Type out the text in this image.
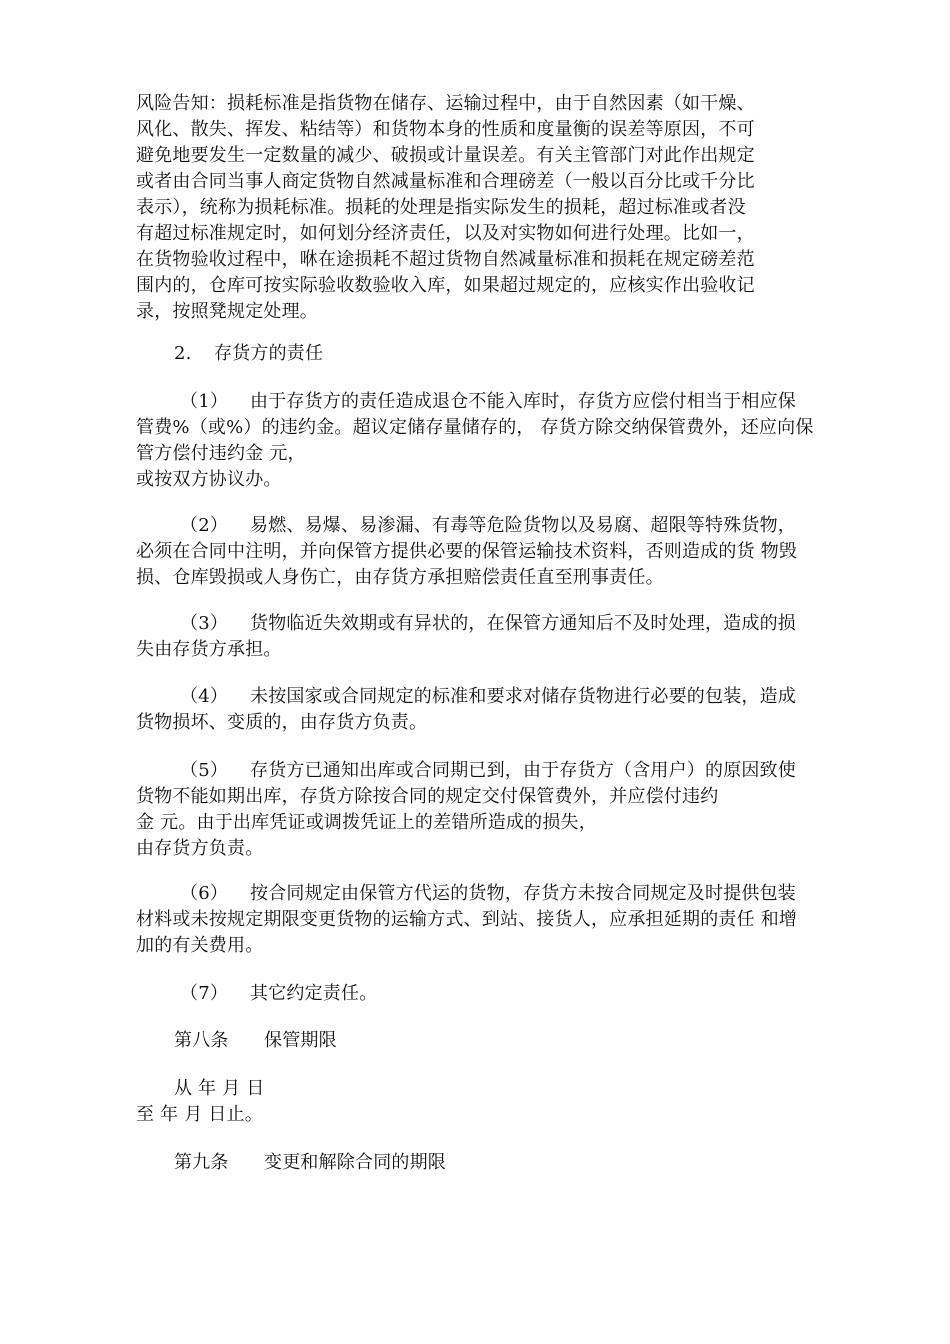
风险告知：损耗标准是指货物在储存、运输过程中，由于自然因素（如干燥、
风化、散失、挥发、粘结等）和货物本身的性质和度量衡的误差等原因，不可
避免地要发生一定数量的减少、破损或计量误差。有关主管部门对此作出规定
或者由合同当事人商定货物自然减量标准和合理磅差（一般以百分比或千分比
表示），统称为损耗标准。损耗的处理是指实际发生的损耗，超过标准或者没
有超过标准规定时，如何划分经济责任，以及对实物如何进行处理。比如一，
在货物验收过程中，咻在途损耗不超过货物自然减量标准和损耗在规定磅差范
围内的，仓库可按实际验收数验收入库，如果超过规定的，应核实作出验收记
录，按照凳规定处理。
2. 存货方的责任
（1） 由于存货方的责任造成退仓不能入库时，存货方应偿付相当于相应保
管费%（或%）的违约金。超议定储存量储存的， 存货方除交纳保管费外，还应向保
管方偿付违约金 元，
或按双方协议办。
（2） 易燃、易爆、易渗漏、有毒等危险货物以及易腐、超限等特殊货物，
必须在合同中注明，并向保管方提供必要的保管运输技术资料，否则造成的货 物毁
损、仓库毁损或人身伤亡，由存货方承担赔偿责任直至刑事责任。
（3） 货物临近失效期或有异状的，在保管方通知后不及时处理，造成的损
失由存货方承担。
（4） 未按国家或合同规定的标准和要求对储存货物进行必要的包装，造成
货物损坏、变质的，由存货方负责。
（5） 存货方已通知出库或合同期已到，由于存货方（含用户）的原因致使
货物不能如期出库，存货方除按合同的规定交付保管费外，并应偿付违约
金 元。由于出库凭证或调拨凭证上的差错所造成的损失，
由存货方负责。
（6） 按合同规定由保管方代运的货物，存货方未按合同规定及时提供包装
材料或未按规定期限变更货物的运输方式、到站、接货人，应承担延期的责任 和增
加的有关费用。
（7） 其它约定责任。
第八条 保管期限
从 年 月 日
至 年 月 日止。
第九条 变更和解除合同的期限
